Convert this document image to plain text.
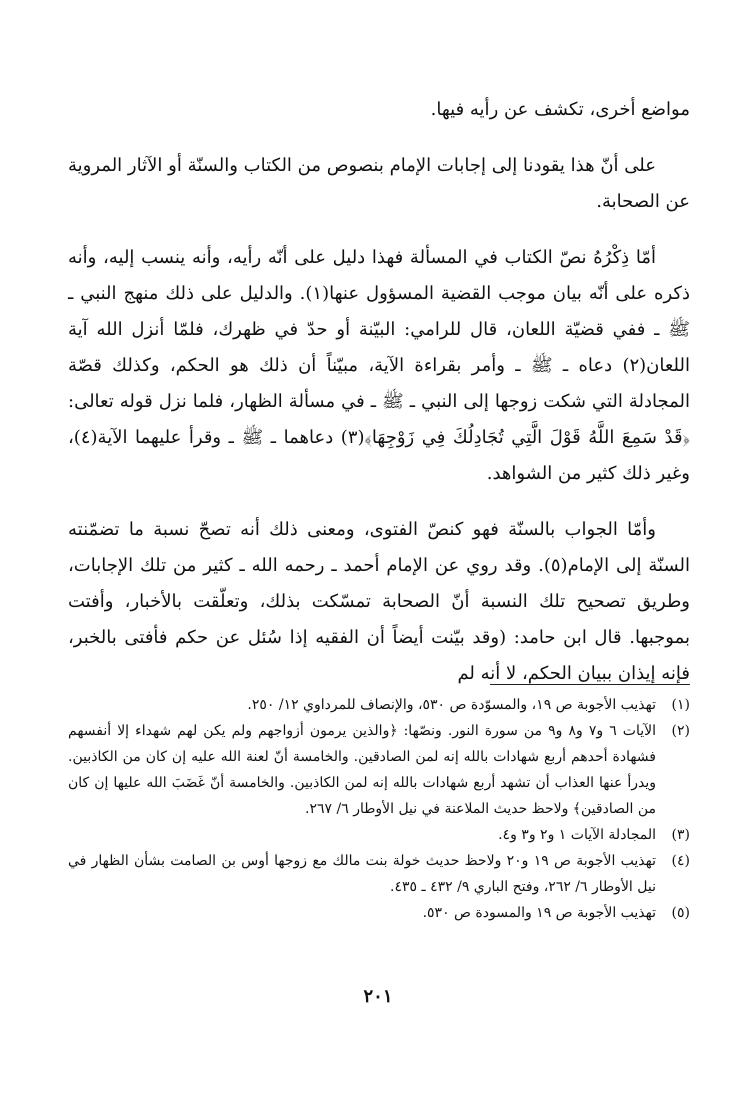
مواضع أخرى، تكشف عن رأيه فيها.

على أنّ هذا يقودنا إلى إجابات الإمام بنصوص من الكتاب والسنّة أو الآثار المروية عن الصحابة.

أمّا ذِكْرُهُ نصّ الكتاب في المسألة فهذا دليل على أنّه رأيه، وأنه ينسب إليه، وأنه ذكره على أنّه بيان موجب القضية المسؤول عنها(١). والدليل على ذلك منهج النبي ـ ﷺ ـ ففي قضيّة اللعان، قال للرامي: البيّنة أو حدّ في ظهرك، فلمّا أنزل الله آية اللعان(٢) دعاه ـ ﷺ ـ وأمر بقراءة الآية، مبيّناً أن ذلك هو الحكم، وكذلك قصّة المجادلة التي شكت زوجها إلى النبي ـ ﷺ ـ في مسألة الظهار، فلما نزل قوله تعالى: ﴿قَدْ سَمِعَ اللَّهُ قَوْلَ الَّتِي تُجَادِلُكَ فِي زَوْجِهَا﴾(٣) دعاهما ـ ﷺ ـ وقرأ عليهما الآية(٤)، وغير ذلك كثير من الشواهد.

وأمّا الجواب بالسنّة فهو كنصّ الفتوى، ومعنى ذلك أنه تصحّ نسبة ما تضمّنته السنّة إلى الإمام(٥). وقد روي عن الإمام أحمد ـ رحمه الله ـ كثير من تلك الإجابات، وطريق تصحيح تلك النسبة أنّ الصحابة تمسّكت بذلك، وتعلّقت بالأخبار، وأفتت بموجبها. قال ابن حامد: (وقد بيّنت أيضاً أن الفقيه إذا سُئل عن حكم فأفتى بالخبر، فإنه إيذان ببيان الحكم، لا أنه لم

(١)
تهذيب الأجوبة ص ١٩، والمسوّدة ص ٥٣٠، والإنصاف للمرداوي ١٢/ ٢٥٠.
(٢)
الآيات ٦ و٧ و٨ و٩ من سورة النور. ونصّها: ﴿والذين يرمون أزواجهم ولم يكن لهم شهداء إلا أنفسهم فشهادة أحدهم أربع شهادات بالله إنه لمن الصادقين. والخامسة أنّ لعنة الله عليه إن كان من الكاذبين. ويدرأ عنها العذاب أن تشهد أربع شهادات بالله إنه لمن الكاذبين. والخامسة أنّ غَضَبَ الله عليها إن كان من الصادقين﴾ ولاحظ حديث الملاعنة في نيل الأوطار ٦/ ٢٦٧.
(٣)
المجادلة الآيات ١ و٢ و٣ و٤.
(٤)
تهذيب الأجوبة ص ١٩ و٢٠ ولاحظ حديث خولة بنت مالك مع زوجها أوس بن الصامت بشأن الظهار في نيل الأوطار ٦/ ٢٦٢، وفتح الباري ٩/ ٤٣٢ ـ ٤٣٥.
(٥)
تهذيب الأجوبة ص ١٩ والمسودة ص ٥٣٠.
٢٠١
